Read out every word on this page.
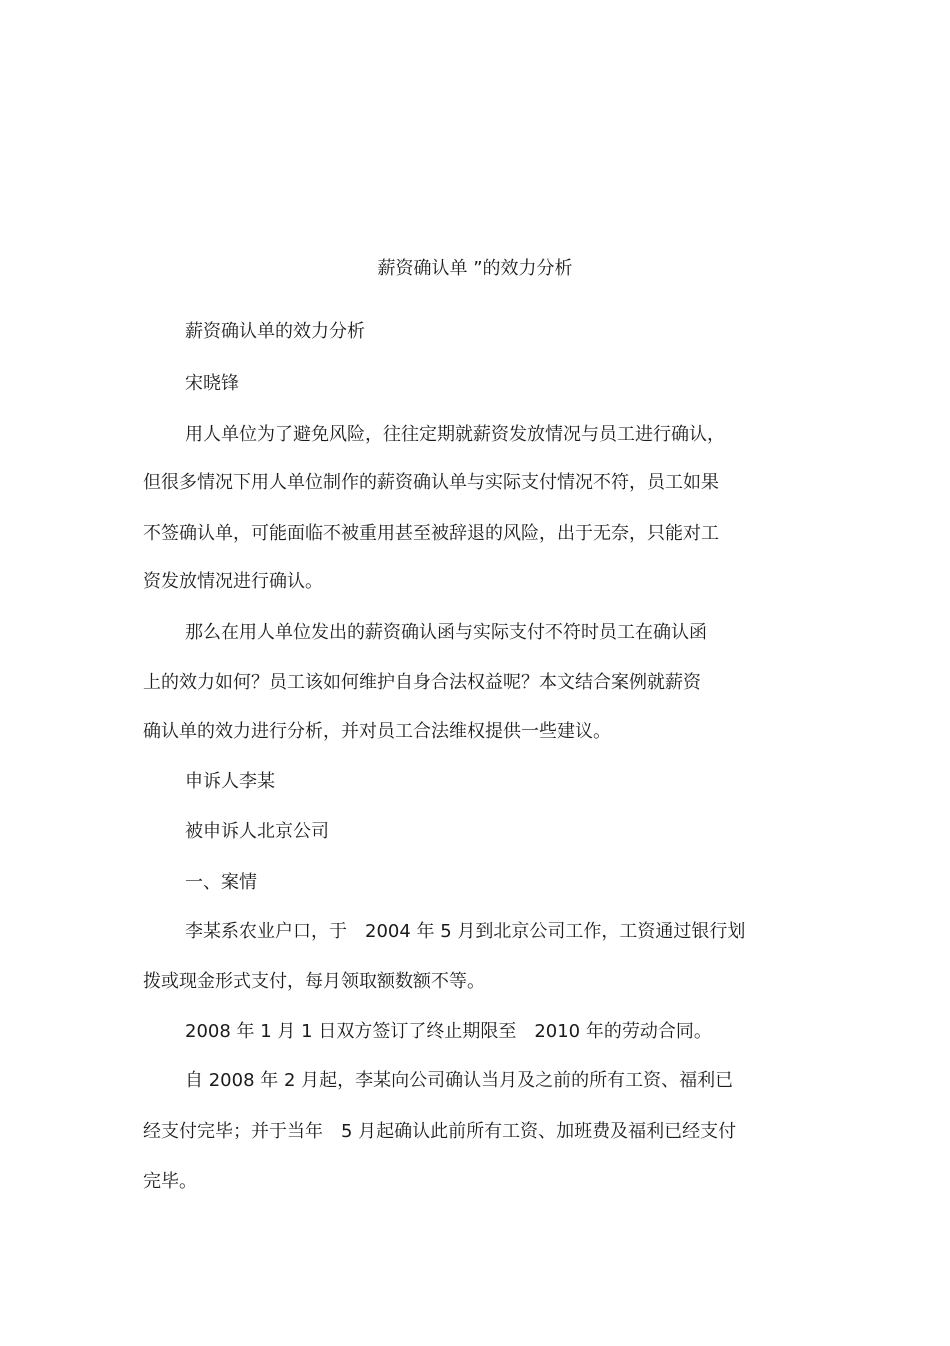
薪资确认单 ”的效力分析

薪资确认单的效力分析

宋晓锋

用人单位为了避免风险，往往定期就薪资发放情况与员工进行确认，

但很多情况下用人单位制作的薪资确认单与实际支付情况不符，员工如果

不签确认单，可能面临不被重用甚至被辞退的风险，出于无奈，只能对工

资发放情况进行确认。

那么在用人单位发出的薪资确认函与实际支付不符时员工在确认函

上的效力如何？员工该如何维护自身合法权益呢？本文结合案例就薪资

确认单的效力进行分析，并对员工合法维权提供一些建议。

申诉人李某

被申诉人北京公司

一、案情

李某系农业户口，于　2004 年 5 月到北京公司工作，工资通过银行划

拨或现金形式支付，每月领取额数额不等。

2008 年 1 月 1 日双方签订了终止期限至　2010 年的劳动合同。

自 2008 年 2 月起，李某向公司确认当月及之前的所有工资、福利已

经支付完毕；并于当年　5 月起确认此前所有工资、加班费及福利已经支付

完毕。
